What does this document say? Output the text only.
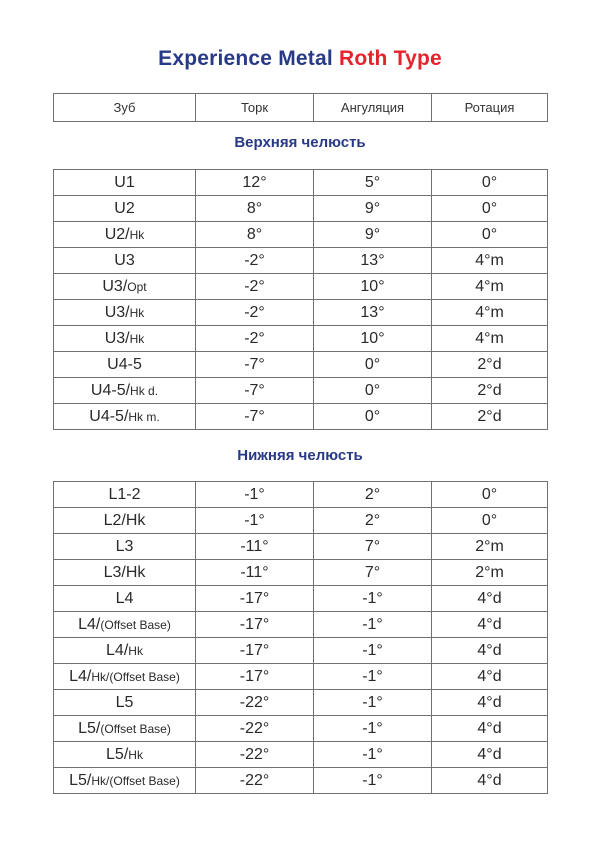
Experience Metal Roth Type
Зуб	Торк	Ангуляция	Ротация
Верхняя челюсть
U1	12°	5°	0°
U2	8°	9°	0°
U2/Hk	8°	9°	0°
U3	-2°	13°	4°m
U3/Opt	-2°	10°	4°m
U3/Hk	-2°	13°	4°m
U3/Hk	-2°	10°	4°m
U4-5	-7°	0°	2°d
U4-5/Hk d.	-7°	0°	2°d
U4-5/Hk m.	-7°	0°	2°d
Нижняя челюсть
L1-2	-1°	2°	0°
L2/Hk	-1°	2°	0°
L3	-11°	7°	2°m
L3/Hk	-11°	7°	2°m
L4	-17°	-1°	4°d
L4/(Offset Base)	-17°	-1°	4°d
L4/Hk	-17°	-1°	4°d
L4/Hk/(Offset Base)	-17°	-1°	4°d
L5	-22°	-1°	4°d
L5/(Offset Base)	-22°	-1°	4°d
L5/Hk	-22°	-1°	4°d
L5/Hk/(Offset Base)	-22°	-1°	4°d
